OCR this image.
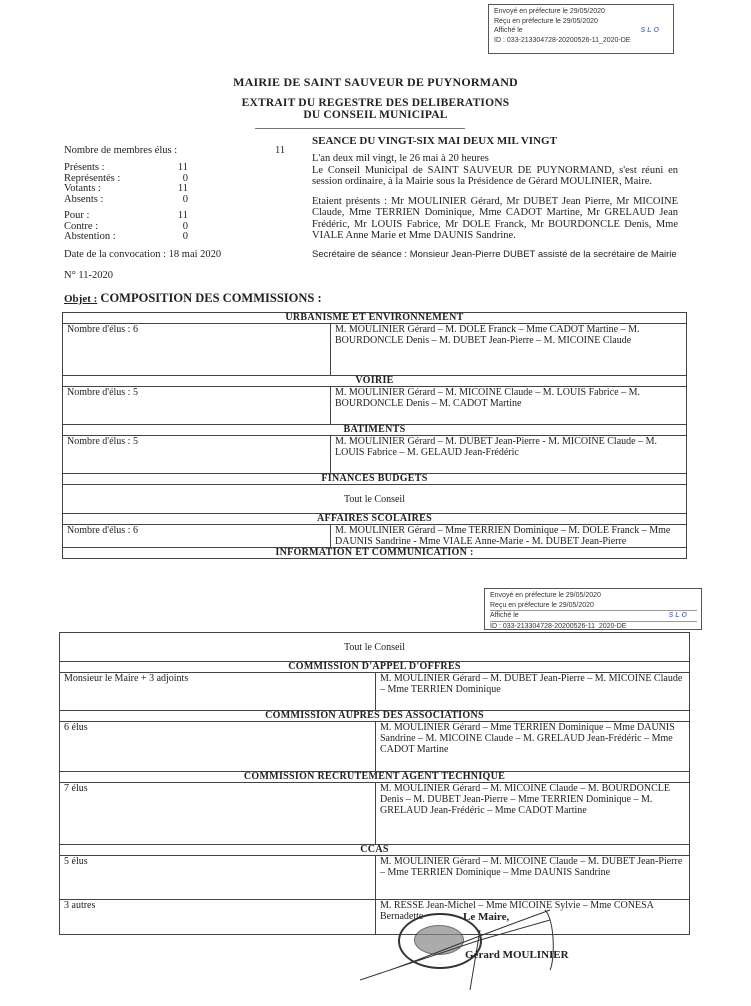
Envoyé en préfecture le 29/05/2020
Reçu en préfecture le 29/05/2020
Affiché le	SLO
ID : 033-213304728-20200526-11_2020-DE
MAIRIE DE SAINT SAUVEUR DE PUYNORMAND
EXTRAIT DU REGESTRE DES DELIBERATIONS
DU CONSEIL MUNICIPAL
SEANCE DU VINGT-SIX MAI DEUX MIL VINGT
Nombre de membres élus :	11
Présents :	11
Représentés :	0
Votants :	11
Absents :	0
Pour :	11
Contre :	0
Abstention :	0
Date de la convocation : 18 mai 2020
N° 11-2020
L'an deux mil vingt, le 26 mai à 20 heures
Le Conseil Municipal de SAINT SAUVEUR DE PUYNORMAND, s'est réuni en session ordinaire, à la Mairie sous la Présidence de Gérard MOULINIER, Maire.
Etaient présents : Mr MOULINIER Gérard, Mr DUBET Jean Pierre, Mr MICOINE Claude, Mme TERRIEN Dominique, Mme CADOT Martine, Mr GRELAUD Jean Frédéric, Mr LOUIS Fabrice, Mr DOLE Franck, Mr BOURDONCLE Denis, Mme VIALE Anne Marie et Mme DAUNIS Sandrine.
Secrétaire de séance : Monsieur Jean-Pierre DUBET assisté de la secrétaire de Mairie
Objet : COMPOSITION DES COMMISSIONS :
URBANISME ET ENVIRONNEMENT	
Nombre d'élus : 6	M. MOULINIER Gérard – M. DOLE Franck – Mme CADOT Martine – M. BOURDONCLE Denis – M. DUBET Jean-Pierre – M. MICOINE Claude
VOIRIE	
Nombre d'élus : 5	M. MOULINIER Gérard – M. MICOINE Claude – M. LOUIS Fabrice – M. BOURDONCLE Denis – M. CADOT Martine
BATIMENTS	
Nombre d'élus : 5	M. MOULINIER Gérard – M. DUBET Jean-Pierre - M. MICOINE Claude – M. LOUIS Fabrice – M. GELAUD Jean-Frédéric
FINANCES BUDGETS	
Tout le Conseil	
AFFAIRES SCOLAIRES	
Nombre d'élus : 6	M. MOULINIER Gérard – Mme TERRIEN Dominique – M. DOLE Franck – Mme DAUNIS Sandrine - Mme VIALE Anne-Marie - M. DUBET Jean-Pierre
INFORMATION ET COMMUNICATION :	
Envoyé en préfecture le 29/05/2020
Reçu en préfecture le 29/05/2020
Affiché le	SLO
ID : 033-213304728-20200526-11_2020-DE
Tout le Conseil	
COMMISSION D'APPEL D'OFFRES	
Monsieur le Maire + 3 adjoints	M. MOULINIER Gérard – M. DUBET Jean-Pierre – M. MICOINE Claude – Mme TERRIEN Dominique
COMMISSION AUPRES DES ASSOCIATIONS	
6 élus	M. MOULINIER Gérard – Mme TERRIEN Dominique – Mme DAUNIS Sandrine – M. MICOINE Claude – M. GRELAUD Jean-Frédéric – Mme CADOT Martine
COMMISSION RECRUTEMENT AGENT TECHNIQUE	
7 élus	M. MOULINIER Gérard – M. MICOINE Claude – M. BOURDONCLE Denis – M. DUBET Jean-Pierre – Mme TERRIEN Dominique – M. GRELAUD Jean-Frédéric – Mme CADOT Martine
CCAS	
5 élus	M. MOULINIER Gérard – M. MICOINE Claude – M. DUBET Jean-Pierre – Mme TERRIEN Dominique – Mme DAUNIS Sandrine
3 autres	M. RESSE Jean-Michel – Mme MICOINE Sylvie – Mme CONESA Bernadette	Le Maire,
Gérard MOULINIER
